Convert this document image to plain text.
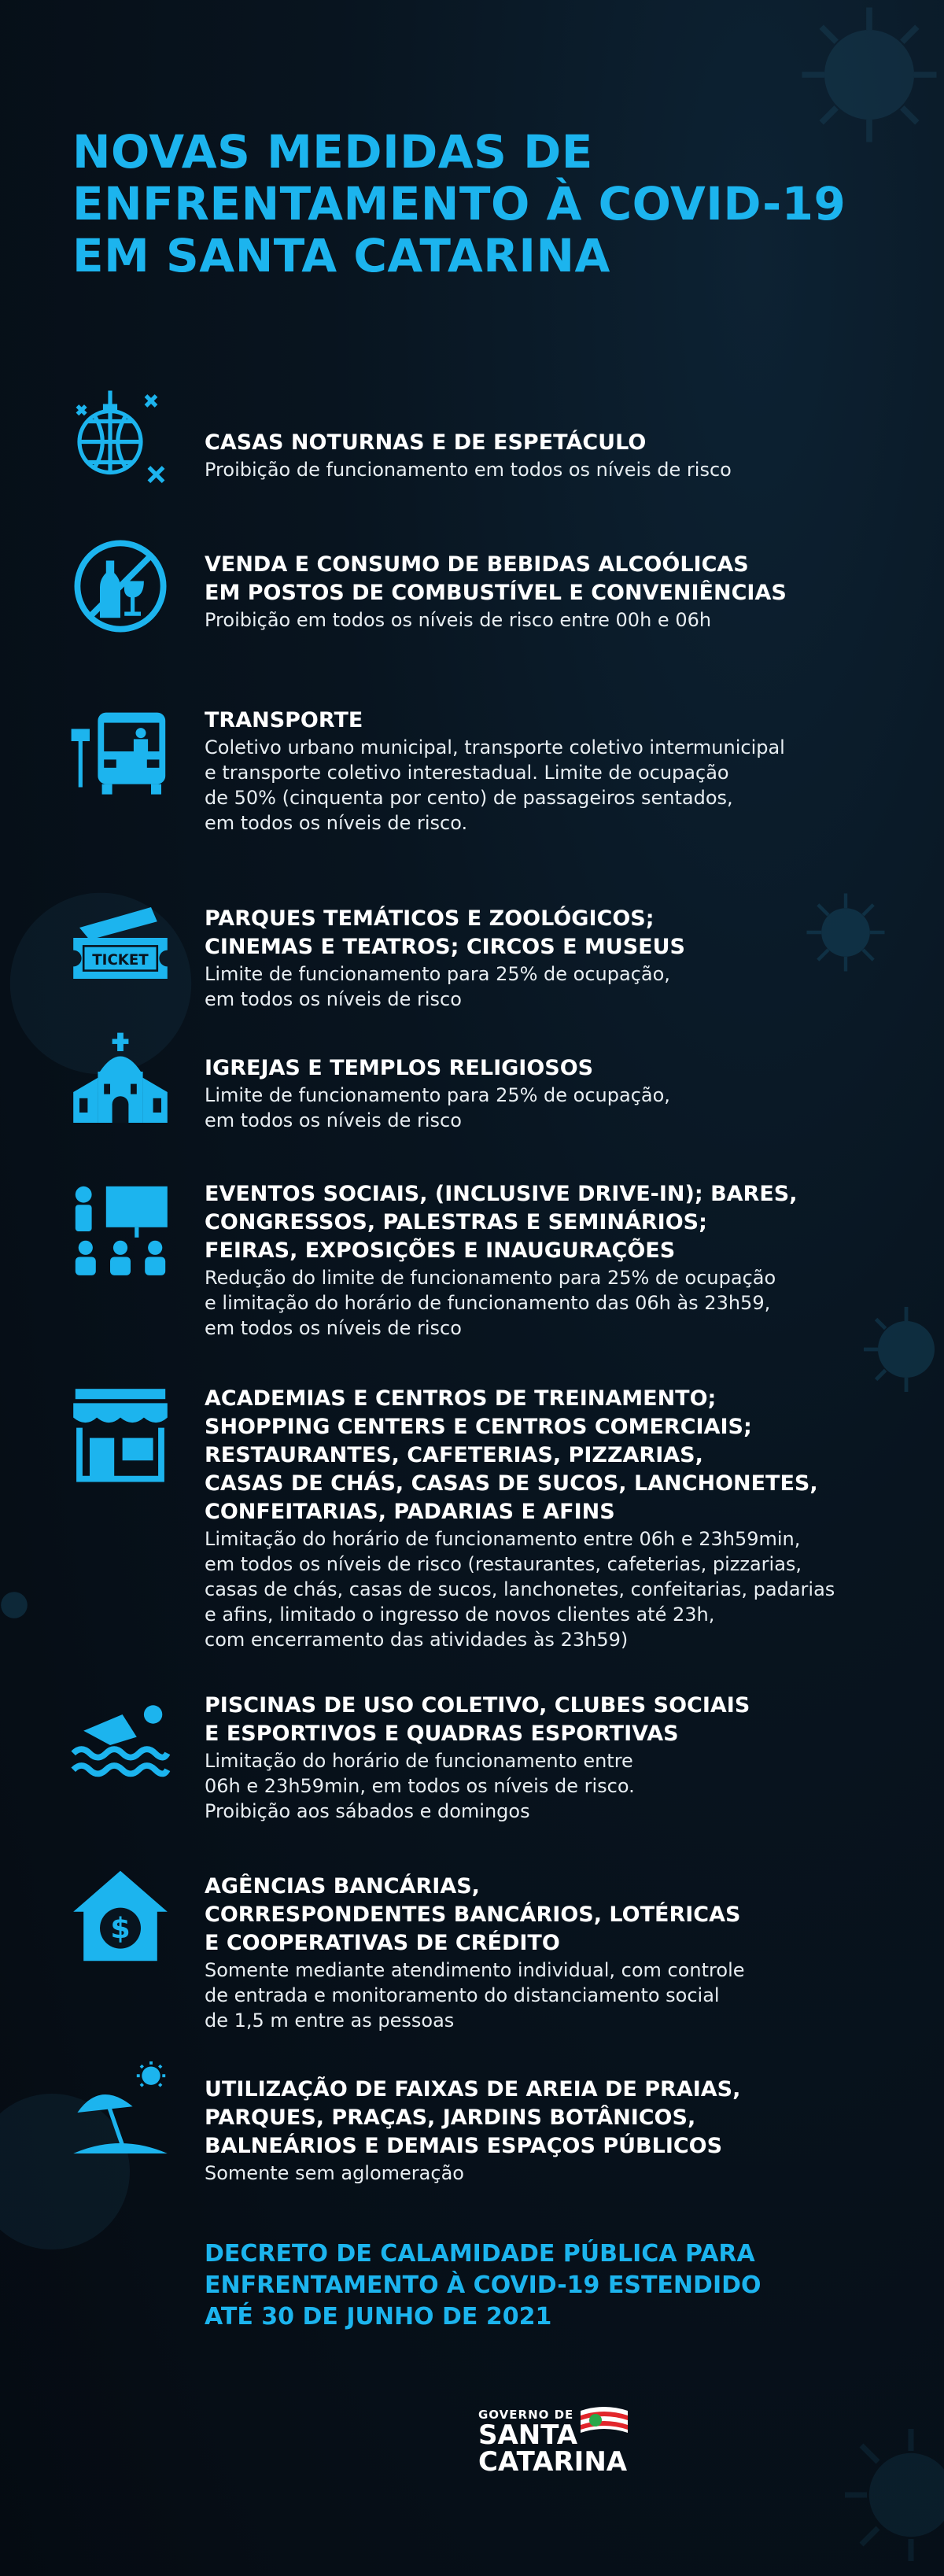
NOVAS MEDIDAS DE
ENFRENTAMENTO À COVID-19
EM SANTA CATARINA
CASAS NOTURNAS E DE ESPETÁCULO
Proibição de funcionamento em todos os níveis de risco
VENDA E CONSUMO DE BEBIDAS ALCOÓLICAS
EM POSTOS DE COMBUSTÍVEL E CONVENIÊNCIAS
Proibição em todos os níveis de risco entre 00h e 06h
TRANSPORTE
Coletivo urbano municipal, transporte coletivo intermunicipal
e transporte coletivo interestadual. Limite de ocupação
de 50% (cinquenta por cento) de passageiros sentados,
em todos os níveis de risco.
TICKET
PARQUES TEMÁTICOS E ZOOLÓGICOS;
CINEMAS E TEATROS; CIRCOS E MUSEUS
Limite de funcionamento para 25% de ocupação,
em todos os níveis de risco
IGREJAS E TEMPLOS RELIGIOSOS
Limite de funcionamento para 25% de ocupação,
em todos os níveis de risco
EVENTOS SOCIAIS, (INCLUSIVE DRIVE-IN); BARES,
CONGRESSOS, PALESTRAS E SEMINÁRIOS;
FEIRAS, EXPOSIÇÕES E INAUGURAÇÕES
Redução do limite de funcionamento para 25% de ocupação
e limitação do horário de funcionamento das 06h às 23h59,
em todos os níveis de risco
ACADEMIAS E CENTROS DE TREINAMENTO;
SHOPPING CENTERS E CENTROS COMERCIAIS;
RESTAURANTES, CAFETERIAS, PIZZARIAS,
CASAS DE CHÁS, CASAS DE SUCOS, LANCHONETES,
CONFEITARIAS, PADARIAS E AFINS
Limitação do horário de funcionamento entre 06h e 23h59min,
em todos os níveis de risco (restaurantes, cafeterias, pizzarias,
casas de chás, casas de sucos, lanchonetes, confeitarias, padarias
e afins, limitado o ingresso de novos clientes até 23h,
com encerramento das atividades às 23h59)
PISCINAS DE USO COLETIVO, CLUBES SOCIAIS
E ESPORTIVOS E QUADRAS ESPORTIVAS
Limitação do horário de funcionamento entre
06h e 23h59min, em todos os níveis de risco.
Proibição aos sábados e domingos
$
AGÊNCIAS BANCÁRIAS,
CORRESPONDENTES BANCÁRIOS, LOTÉRICAS
E COOPERATIVAS DE CRÉDITO
Somente mediante atendimento individual, com controle
de entrada e monitoramento do distanciamento social
de 1,5 m entre as pessoas
UTILIZAÇÃO DE FAIXAS DE AREIA DE PRAIAS,
PARQUES, PRAÇAS, JARDINS BOTÂNICOS,
BALNEÁRIOS E DEMAIS ESPAÇOS PÚBLICOS
Somente sem aglomeração
DECRETO DE CALAMIDADE PÚBLICA PARA
ENFRENTAMENTO À COVID-19 ESTENDIDO
ATÉ 30 DE JUNHO DE 2021
GOVERNO DE
SANTA
CATARINA
